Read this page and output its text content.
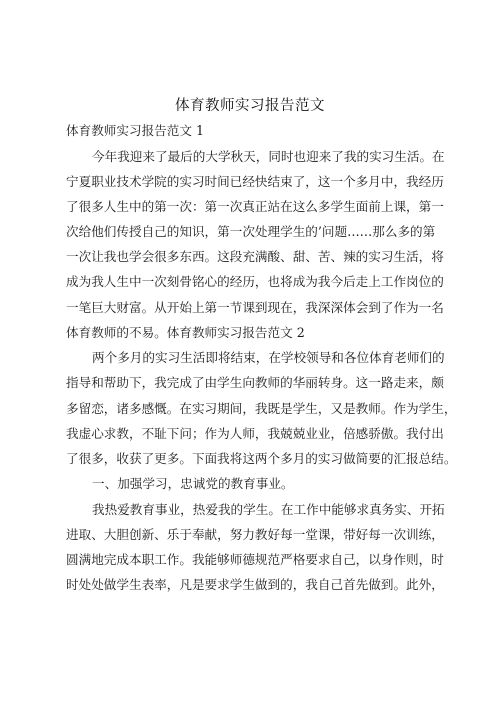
体育教师实习报告范文
体育教师实习报告范文 1
今年我迎来了最后的大学秋天，同时也迎来了我的实习生活。在
宁夏职业技术学院的实习时间已经快结束了，这一个多月中，我经历
了很多人生中的第一次：第一次真正站在这么多学生面前上课，第一
次给他们传授自己的知识，第一次处理学生的’问题……那么多的第
一次让我也学会很多东西。这段充满酸、甜、苦、辣的实习生活，将
成为我人生中一次刻骨铭心的经历，也将成为我今后走上工作岗位的
一笔巨大财富。从开始上第一节课到现在，我深深体会到了作为一名
体育教师的不易。体育教师实习报告范文 2
两个多月的实习生活即将结束，在学校领导和各位体育老师们的
指导和帮助下，我完成了由学生向教师的华丽转身。这一路走来，颇
多留恋，诸多感慨。在实习期间，我既是学生，又是教师。作为学生，
我虚心求教，不耻下问；作为人师，我兢兢业业，倍感骄傲。我付出
了很多，收获了更多。下面我将这两个多月的实习做简要的汇报总结。
一、加强学习，忠诚党的教育事业。
我热爱教育事业，热爱我的学生。在工作中能够求真务实、开拓
进取、大胆创新、乐于奉献，努力教好每一堂课，带好每一次训练，
圆满地完成本职工作。我能够师德规范严格要求自己，以身作则，时
时处处做学生表率，凡是要求学生做到的，我自己首先做到。此外，
